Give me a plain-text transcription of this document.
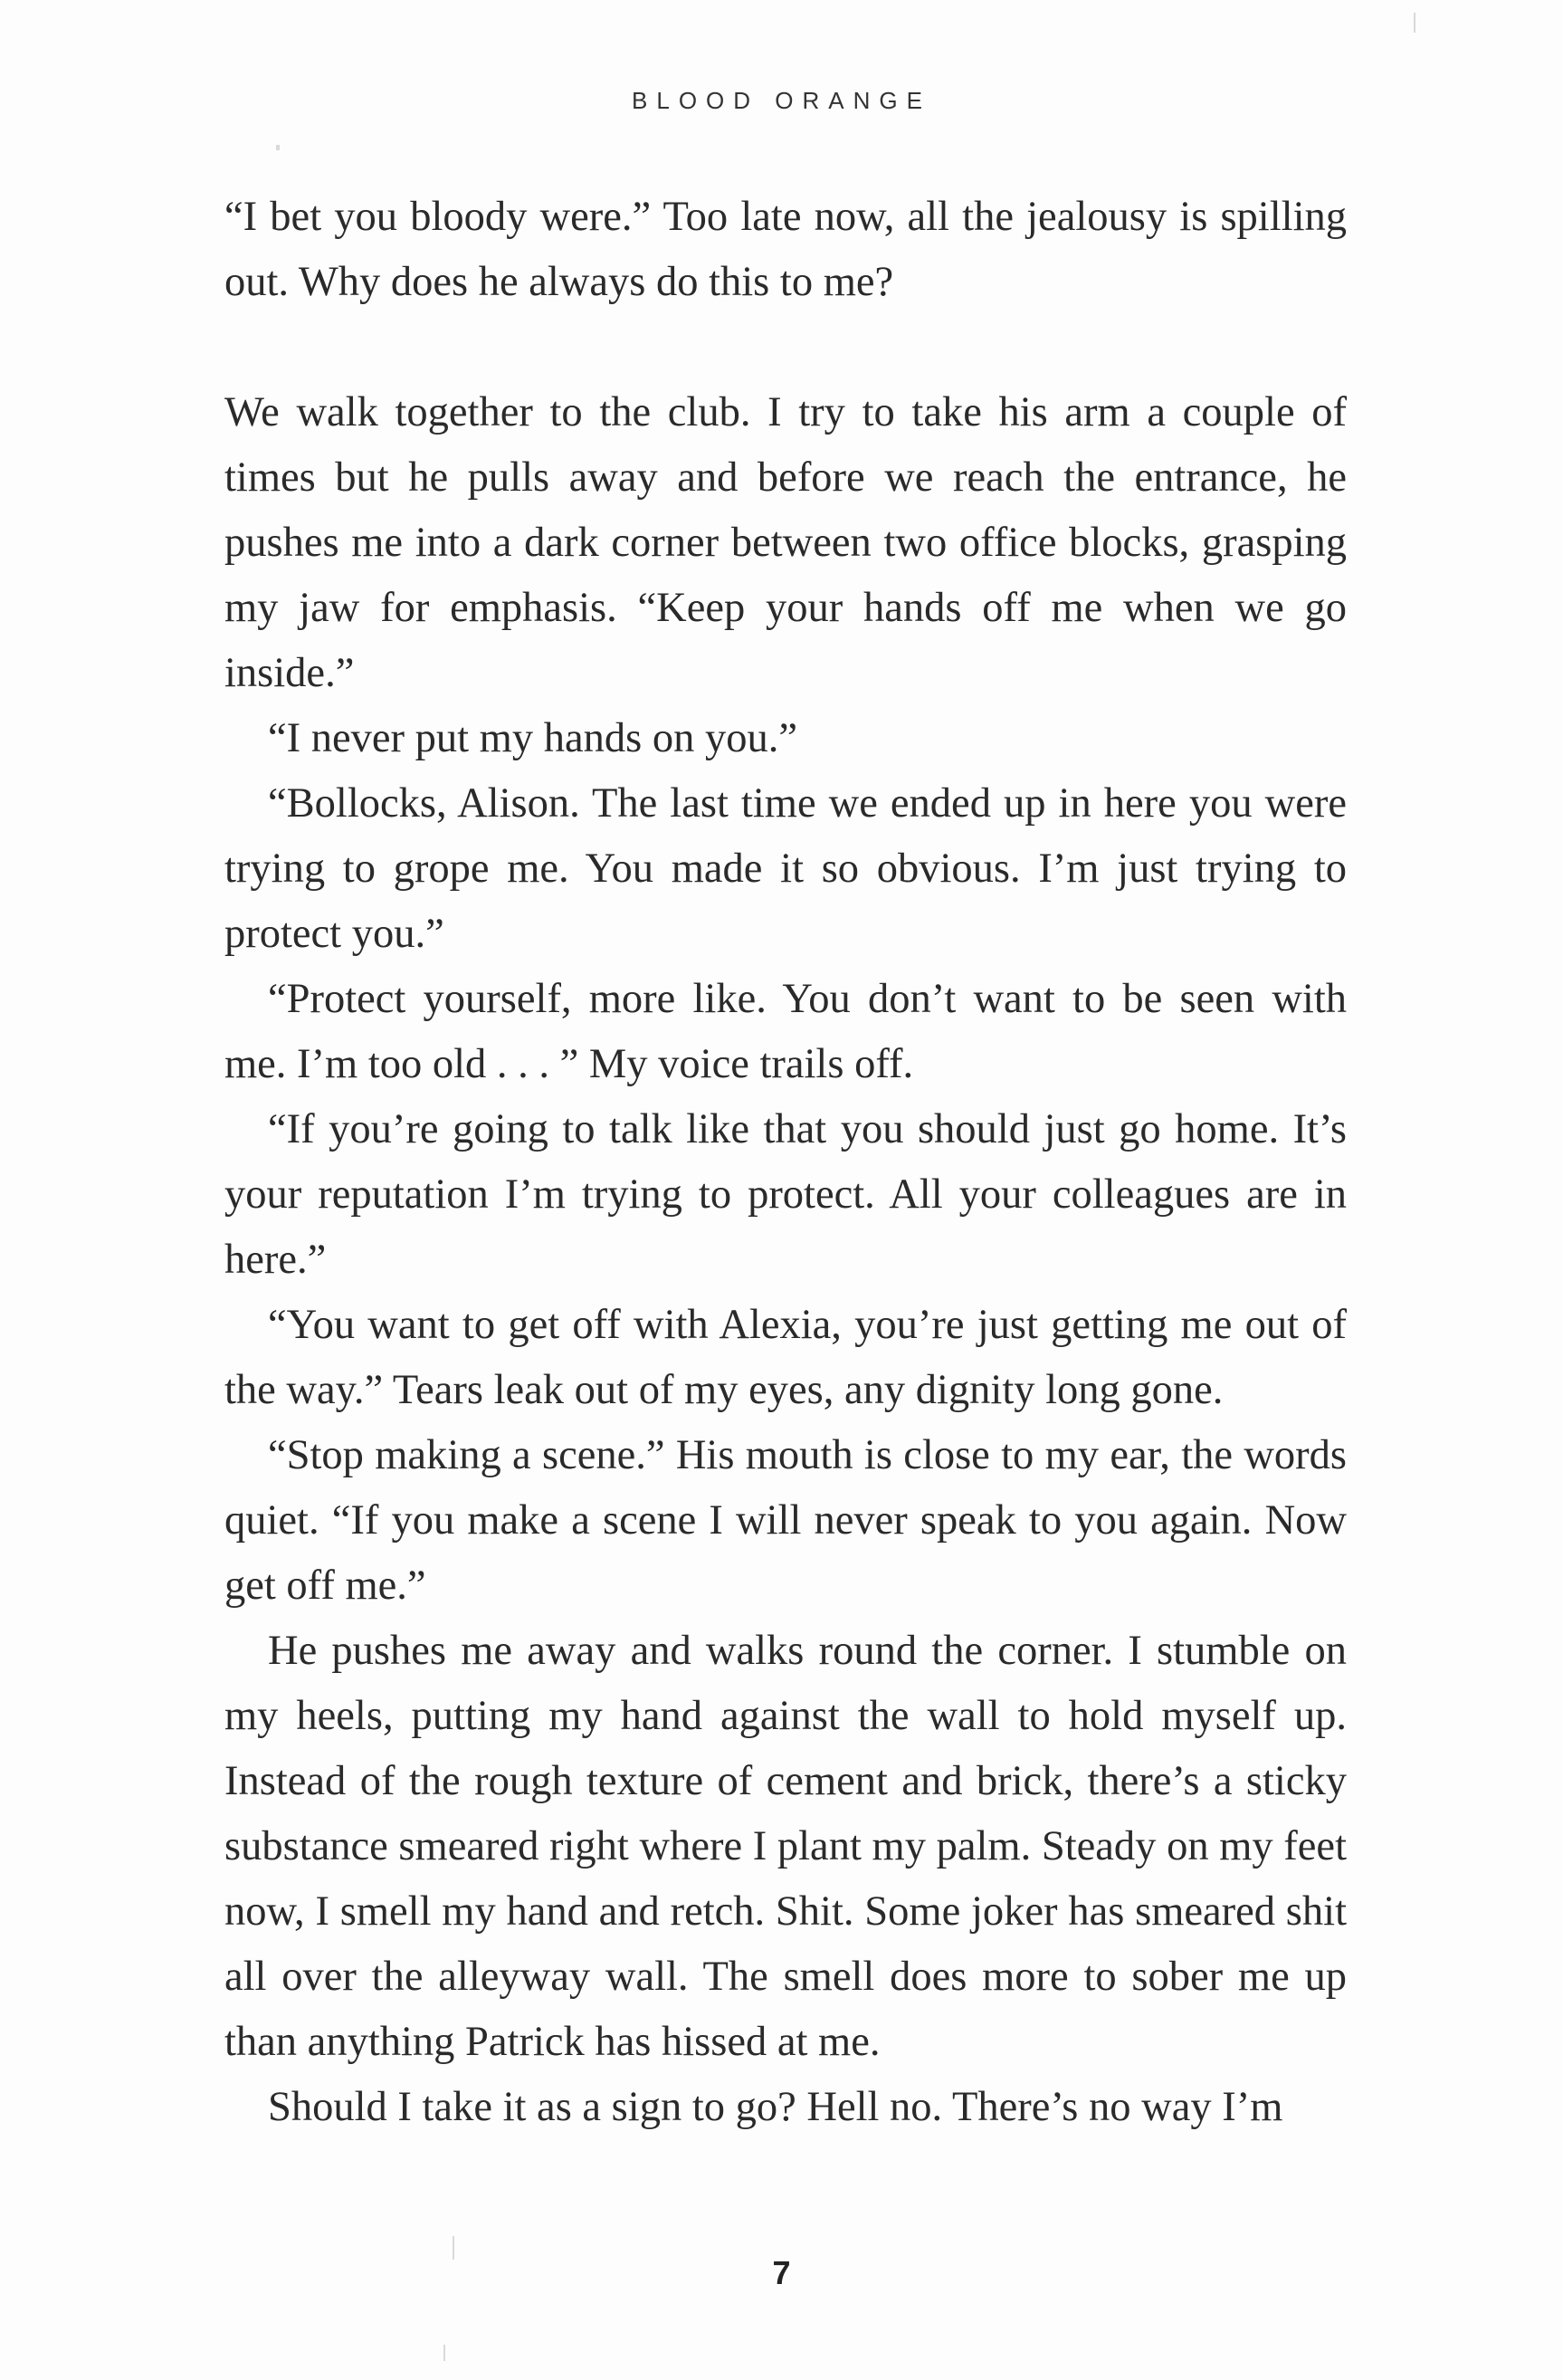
BLOOD ORANGE

“I bet you bloody were.” Too late now, all the jealousy is spilling out. Why does he always do this to me?

We walk together to the club. I try to take his arm a couple of times but he pulls away and before we reach the entrance, he pushes me into a dark corner between two office blocks, grasping my jaw for emphasis. “Keep your hands off me when we go inside.”

“I never put my hands on you.”

“Bollocks, Alison. The last time we ended up in here you were trying to grope me. You made it so obvious. I’m just trying to protect you.”

“Protect yourself, more like. You don’t want to be seen with me. I’m too old . . . ” My voice trails off.

“If you’re going to talk like that you should just go home. It’s your reputation I’m trying to protect. All your colleagues are in here.”

“You want to get off with Alexia, you’re just getting me out of the way.” Tears leak out of my eyes, any dignity long gone.

“Stop making a scene.” His mouth is close to my ear, the words quiet. “If you make a scene I will never speak to you again. Now get off me.”

He pushes me away and walks round the corner. I stumble on my heels, putting my hand against the wall to hold myself up. Instead of the rough texture of cement and brick, there’s a sticky substance smeared right where I plant my palm. Steady on my feet now, I smell my hand and retch. Shit. Some joker has smeared shit all over the alleyway wall. The smell does more to sober me up than anything Patrick has hissed at me.

Should I take it as a sign to go? Hell no. There’s no way I’m

7
